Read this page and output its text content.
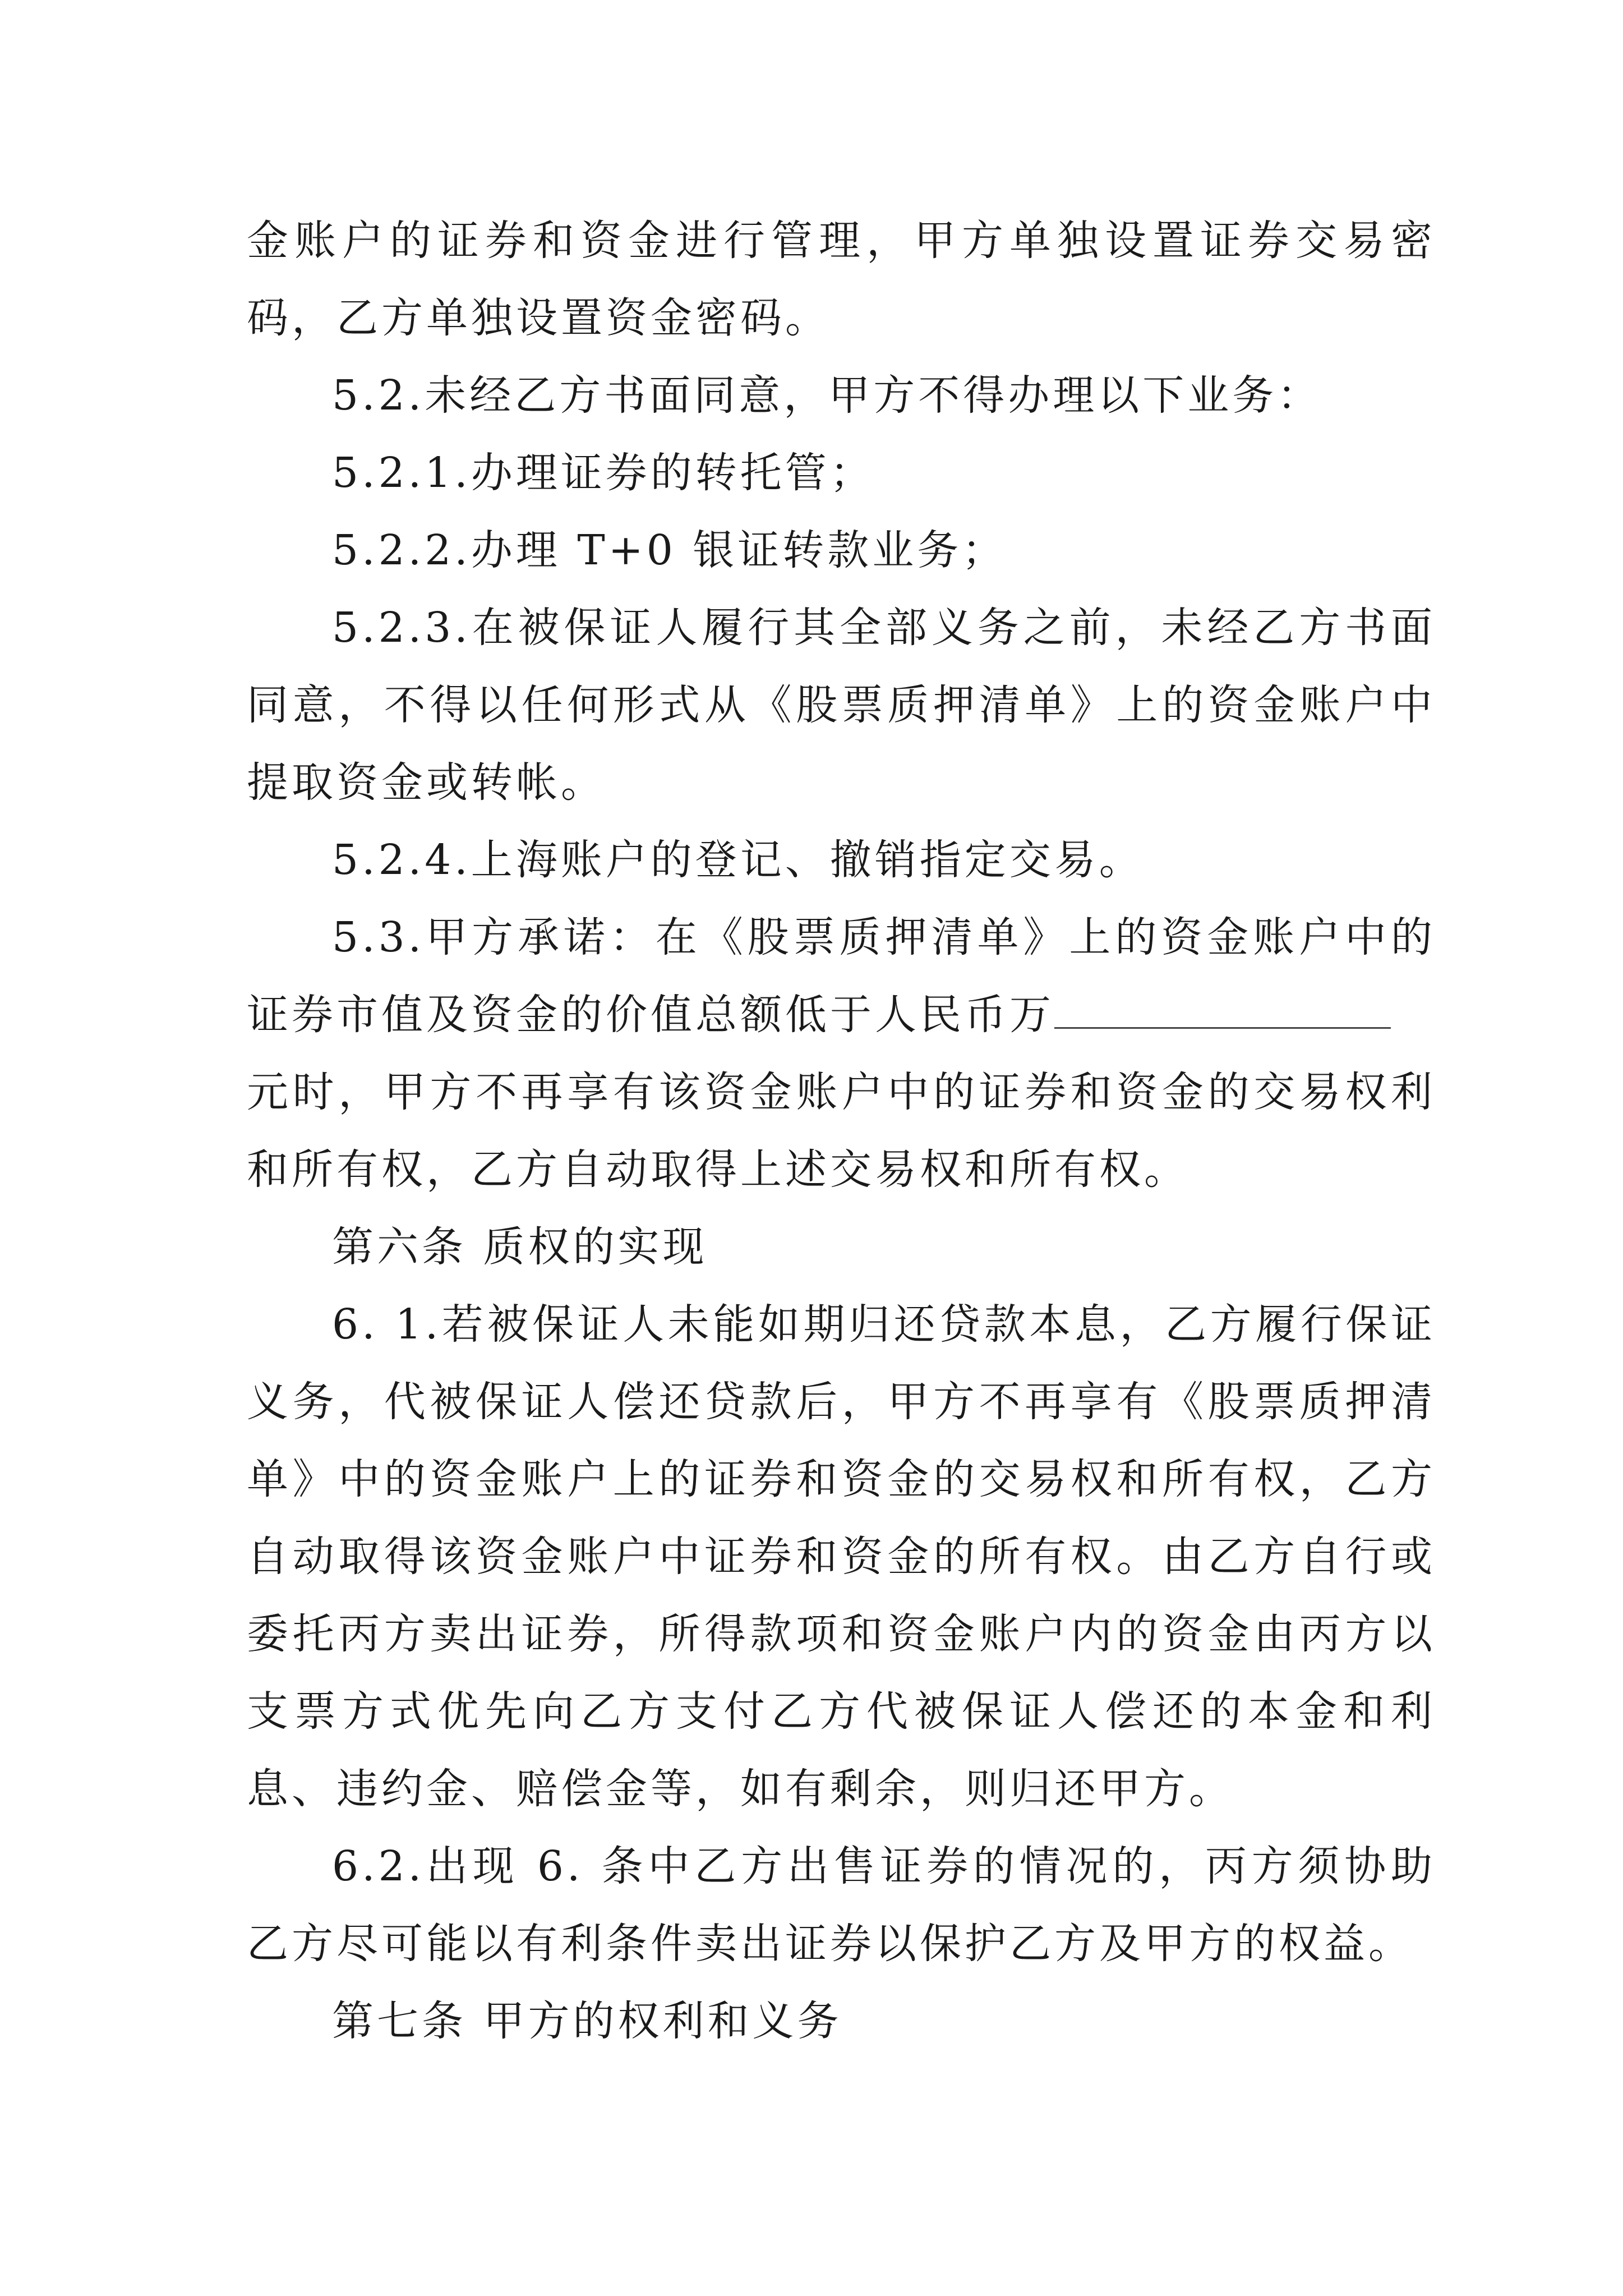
金账户的证券和资金进行管理，甲方单独设置证券交易密码，乙方单独设置资金密码。

5.2.未经乙方书面同意，甲方不得办理以下业务：

5.2.1.办理证券的转托管；

5.2.2.办理 T+0 银证转款业务；

5.2.3.在被保证人履行其全部义务之前，未经乙方书面同意，不得以任何形式从《股票质押清单》上的资金账户中提取资金或转帐。

5.2.4.上海账户的登记、撤销指定交易。

5.3.甲方承诺：在《股票质押清单》上的资金账户中的证券市值及资金的价值总额低于人民币万

元时，甲方不再享有该资金账户中的证券和资金的交易权利和所有权，乙方自动取得上述交易权和所有权。

第六条 质权的实现

6. 1.若被保证人未能如期归还贷款本息，乙方履行保证义务，代被保证人偿还贷款后，甲方不再享有《股票质押清单》中的资金账户上的证券和资金的交易权和所有权，乙方自动取得该资金账户中证券和资金的所有权。由乙方自行或委托丙方卖出证券，所得款项和资金账户内的资金由丙方以支票方式优先向乙方支付乙方代被保证人偿还的本金和利息、违约金、赔偿金等，如有剩余，则归还甲方。

6.2.出现 6. 条中乙方出售证券的情况的，丙方须协助乙方尽可能以有利条件卖出证券以保护乙方及甲方的权益。

第七条 甲方的权利和义务
